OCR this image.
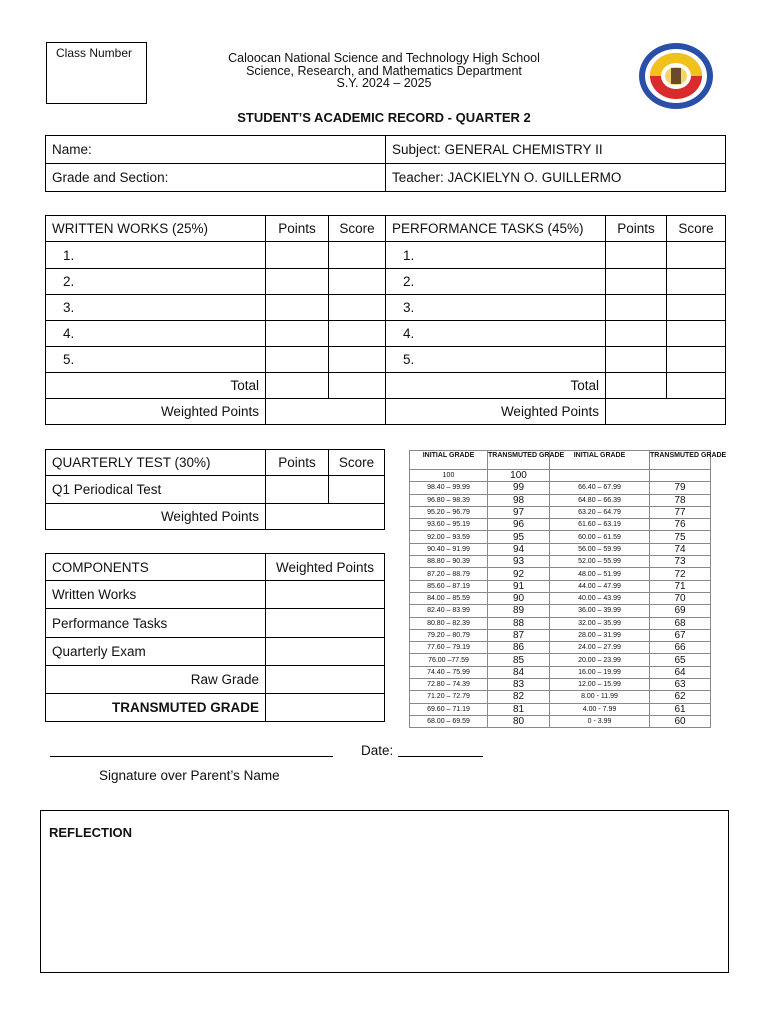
Class Number	Caloocan National Science and Technology High School
Science, Research, and Mathematics Department
S.Y. 2024 – 2025
STUDENT’S ACADEMIC RECORD - QUARTER 2
Name:	Subject: GENERAL CHEMISTRY II
Grade and Section:	Teacher: JACKIELYN O. GUILLERMO
WRITTEN WORKS (25%)	Points	Score	PERFORMANCE TASKS (45%)	Points	Score
1.			1.		
2.			2.		
3.			3.		
4.			4.		
5.			5.		
Total			Total		
Weighted Points			Weighted Points		
QUARTERLY TEST (30%)	Points	Score
Q1 Periodical Test		
Weighted Points		
COMPONENTS	Weighted Points
Written Works	
Performance Tasks	
Quarterly Exam	
Raw Grade	
TRANSMUTED GRADE	
INITIAL GRADE	TRANSMUTED GRADE	INITIAL GRADE	TRANSMUTED GRADE
100	100		
98.40 – 99.99	99	66.40 – 67.99	79
96.80 – 98.39	98	64.80 – 66.39	78
95.20 – 96.79	97	63.20 – 64.79	77
93.60 – 95.19	96	61.60 – 63.19	76
92.00 – 93.59	95	60.00 – 61.59	75
90.40 – 91.99	94	56.00 – 59.99	74
88.80 – 90.39	93	52.00 – 55.99	73
87.20 – 88.79	92	48.00 – 51.99	72
85.60 – 87.19	91	44.00 – 47.99	71
84.00 – 85.59	90	40.00 – 43.99	70
82.40 – 83.99	89	36.00 – 39.99	69
80.80 – 82.39	88	32.00 – 35.99	68
79.20 – 80.79	87	28.00 – 31.99	67
77.60 – 79.19	86	24.00 – 27.99	66
76.00 –77.59	85	20.00 – 23.99	65
74.40 – 75.99	84	16.00 – 19.99	64
72.80 – 74.39	83	12.00 – 15.99	63
71.20 – 72.79	82	8.00 - 11.99	62
69.60 – 71.19	81	4.00 - 7.99	61
68.00 – 69.59	80	0 - 3.99	60
Date:
Signature over Parent’s Name
REFLECTION
